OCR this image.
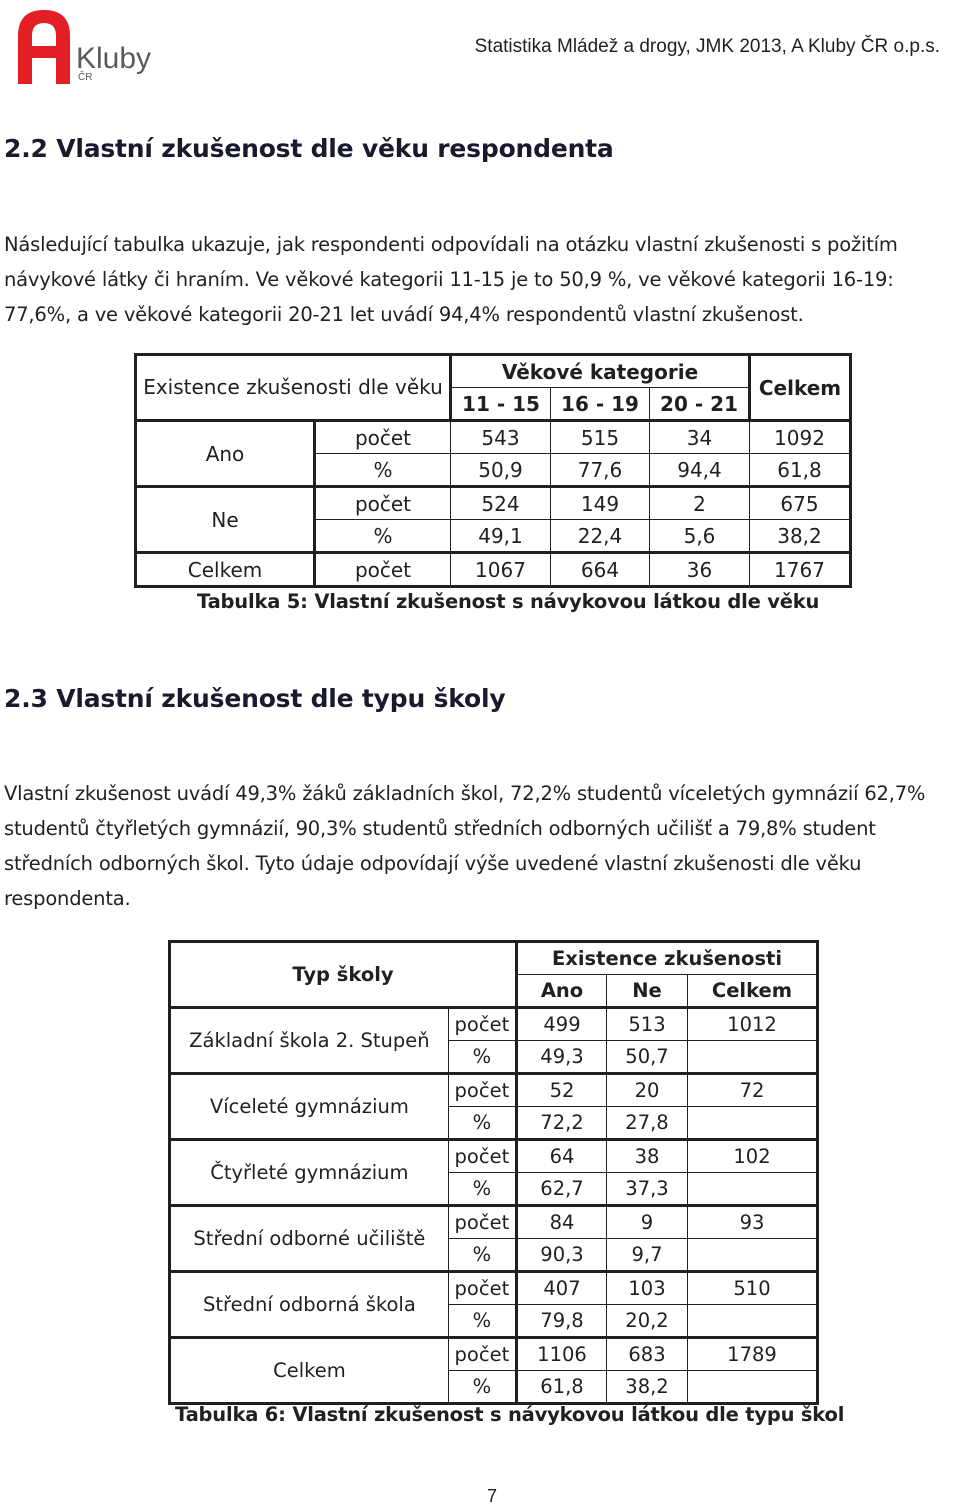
Kluby
ČR
Statistika Mládež a drogy, JMK 2013, A Kluby ČR o.p.s.
2.2 Vlastní zkušenost dle věku respondenta

Následující tabulka ukazuje, jak respondenti odpovídali na otázku vlastní zkušenosti s požitím návykové látky či hraním. Ve věkové kategorii 11-15 je to 50,9 %, ve věkové kategorii 16-19: 77,6%, a ve věkové kategorii 20-21 let uvádí 94,4% respondentů vlastní zkušenost.

Existence zkušenosti dle věku		Věkové kategorie			Celkem
		11 - 15	16 - 19	20 - 21	
Ano	počet	543	515	34	1092
	%	50,9	77,6	94,4	61,8
Ne	počet	524	149	2	675
	%	49,1	22,4	5,6	38,2
Celkem	počet	1067	664	36	1767
Tabulka 5: Vlastní zkušenost s návykovou látkou dle věku
2.3 Vlastní zkušenost dle typu školy

Vlastní zkušenost uvádí 49,3% žáků základních škol, 72,2% studentů víceletých gymnázií 62,7% studentů čtyřletých gymnázií, 90,3% studentů středních odborných učilišť a 79,8% student středních odborných škol. Tyto údaje odpovídají výše uvedené vlastní zkušenosti dle věku respondenta.

Typ školy		Existence zkušenosti		
		Ano	Ne	Celkem
Základní škola 2. Stupeň	počet	499	513	1012
	%	49,3	50,7	
Víceleté gymnázium	počet	52	20	72
	%	72,2	27,8	
Čtyřleté gymnázium	počet	64	38	102
	%	62,7	37,3	
Střední odborné učiliště	počet	84	9	93
	%	90,3	9,7	
Střední odborná škola	počet	407	103	510
	%	79,8	20,2	
Celkem	počet	1106	683	1789
	%	61,8	38,2	
Tabulka 6: Vlastní zkušenost s návykovou látkou dle typu škol
7
